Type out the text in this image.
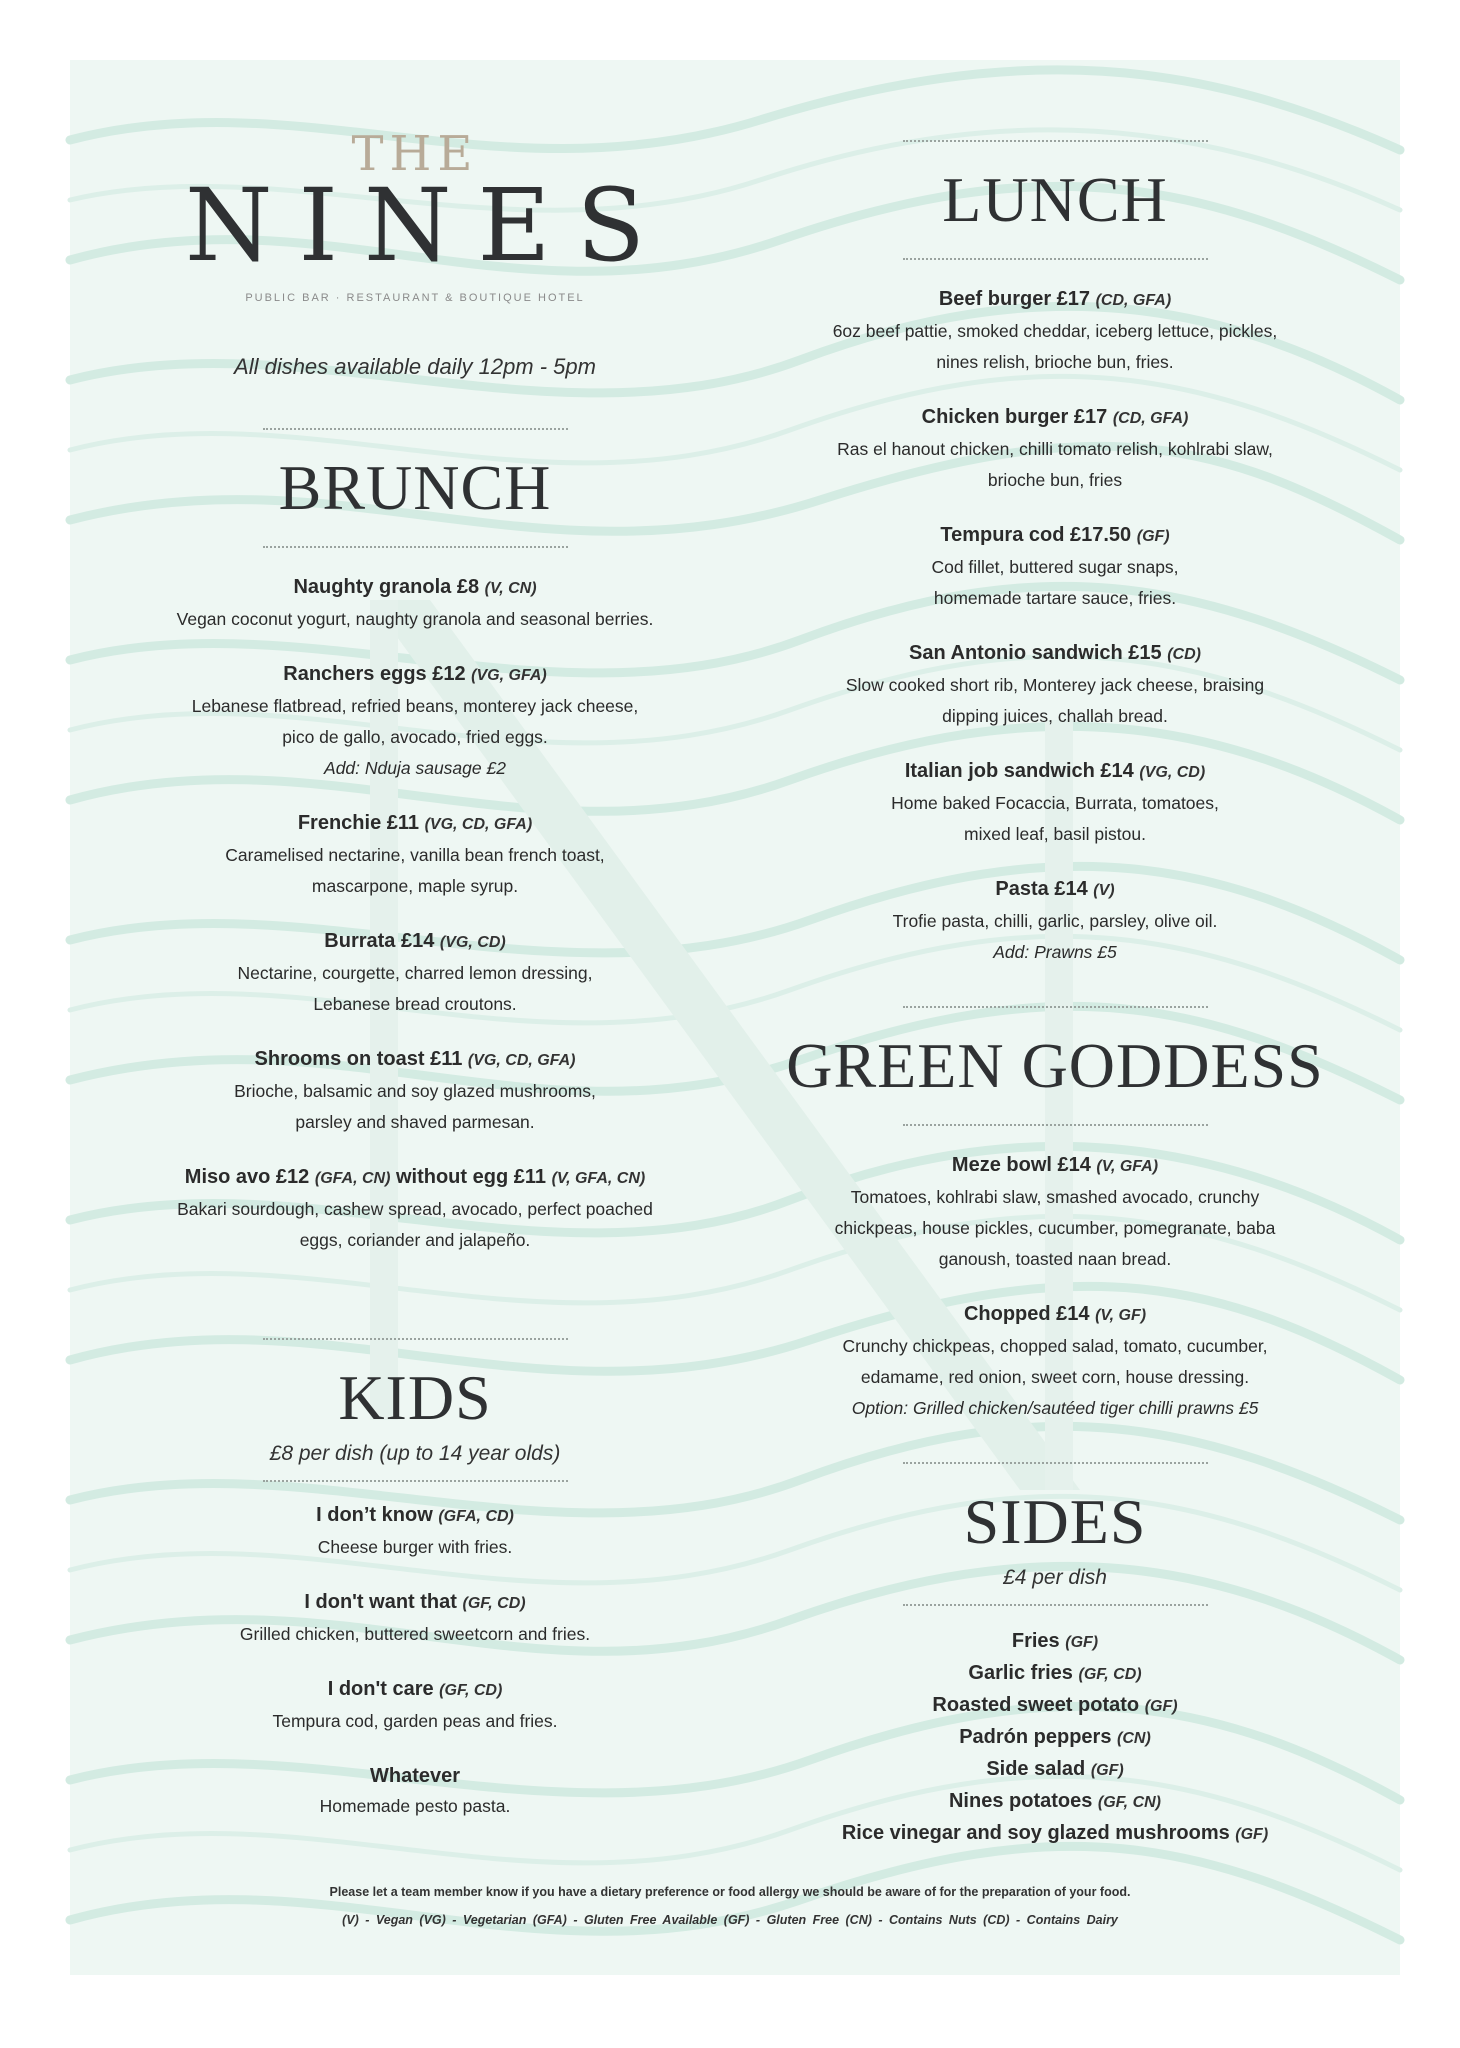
THE
NINES
PUBLIC BAR · RESTAURANT & BOUTIQUE HOTEL
All dishes available daily 12pm - 5pm
BRUNCH
Naughty granola £8 (V, CN)
Vegan coconut yogurt, naughty granola and seasonal berries.
Ranchers eggs £12 (VG, GFA)
Lebanese flatbread, refried beans, monterey jack cheese,
pico de gallo, avocado, fried eggs.
Add: Nduja sausage £2
Frenchie £11 (VG, CD, GFA)
Caramelised nectarine, vanilla bean french toast,
mascarpone, maple syrup.
Burrata £14 (VG, CD)
Nectarine, courgette, charred lemon dressing,
Lebanese bread croutons.
Shrooms on toast £11 (VG, CD, GFA)
Brioche, balsamic and soy glazed mushrooms,
parsley and shaved parmesan.
Miso avo £12 (GFA, CN) without egg £11 (V, GFA, CN)
Bakari sourdough, cashew spread, avocado, perfect poached
eggs, coriander and jalapeño.
KIDS
£8 per dish (up to 14 year olds)
I don’t know (GFA, CD)
Cheese burger with fries.
I don't want that (GF, CD)
Grilled chicken, buttered sweetcorn and fries.
I don't care (GF, CD)
Tempura cod, garden peas and fries.
Whatever
Homemade pesto pasta.
LUNCH
Beef burger £17 (CD, GFA)
6oz beef pattie, smoked cheddar, iceberg lettuce, pickles,
nines relish, brioche bun, fries.
Chicken burger £17 (CD, GFA)
Ras el hanout chicken, chilli tomato relish, kohlrabi slaw,
brioche bun, fries
Tempura cod £17.50 (GF)
Cod fillet, buttered sugar snaps,
homemade tartare sauce, fries.
San Antonio sandwich £15 (CD)
Slow cooked short rib, Monterey jack cheese, braising
dipping juices, challah bread.
Italian job sandwich £14 (VG, CD)
Home baked Focaccia, Burrata, tomatoes,
mixed leaf, basil pistou.
Pasta £14 (V)
Trofie pasta, chilli, garlic, parsley, olive oil.
Add: Prawns £5
GREEN GODDESS
Meze bowl £14 (V, GFA)
Tomatoes, kohlrabi slaw, smashed avocado, crunchy
chickpeas, house pickles, cucumber, pomegranate, baba
ganoush, toasted naan bread.
Chopped £14 (V, GF)
Crunchy chickpeas, chopped salad, tomato, cucumber,
edamame, red onion, sweet corn, house dressing.
Option: Grilled chicken/sautéed tiger chilli prawns £5
SIDES
£4 per dish
Fries (GF)
Garlic fries (GF, CD)
Roasted sweet potato (GF)
Padrón peppers (CN)
Side salad (GF)
Nines potatoes (GF, CN)
Rice vinegar and soy glazed mushrooms (GF)
Please let a team member know if you have a dietary preference or food allergy we should be aware of for the preparation of your food.
(V) - Vegan (VG) - Vegetarian (GFA) - Gluten Free Available (GF) - Gluten Free (CN) - Contains Nuts (CD) - Contains Dairy
